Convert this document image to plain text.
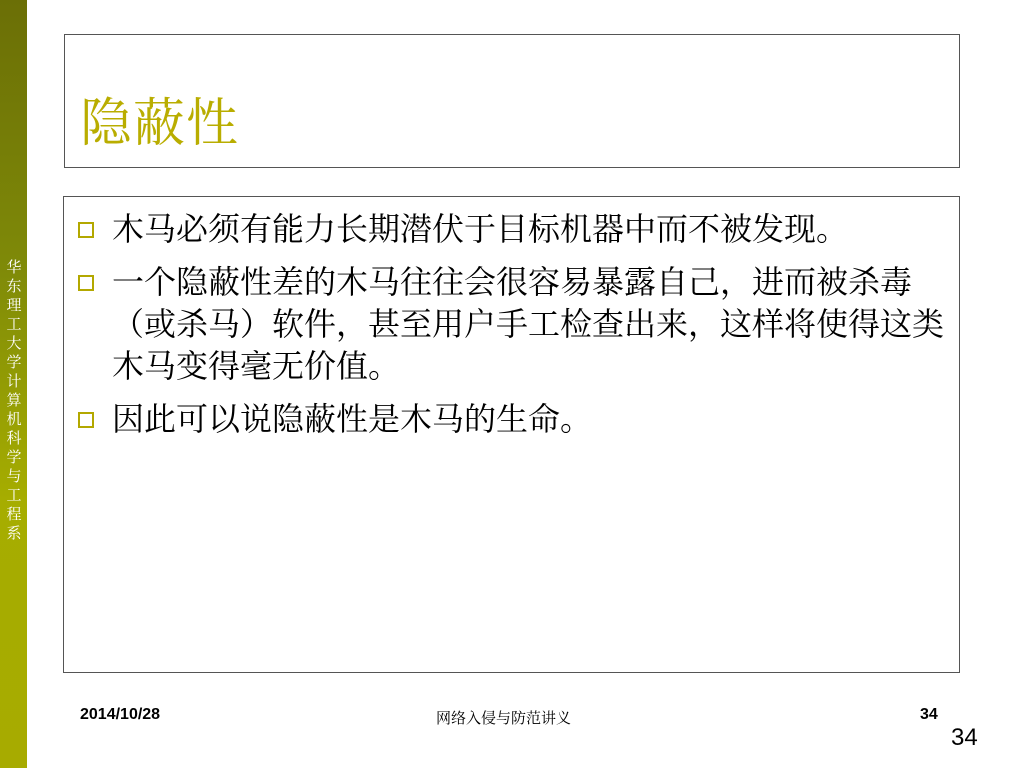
华东理工大学计算机科学与工程系
隐蔽性
木马必须有能力长期潜伏于目标机器中而不被发现。
一个隐蔽性差的木马往往会很容易暴露自己，进而被杀毒（或杀马）软件，甚至用户手工检查出来，这样将使得这类木马变得毫无价值。
因此可以说隐蔽性是木马的生命。
2014/10/28	网络入侵与防范讲义	34
34
